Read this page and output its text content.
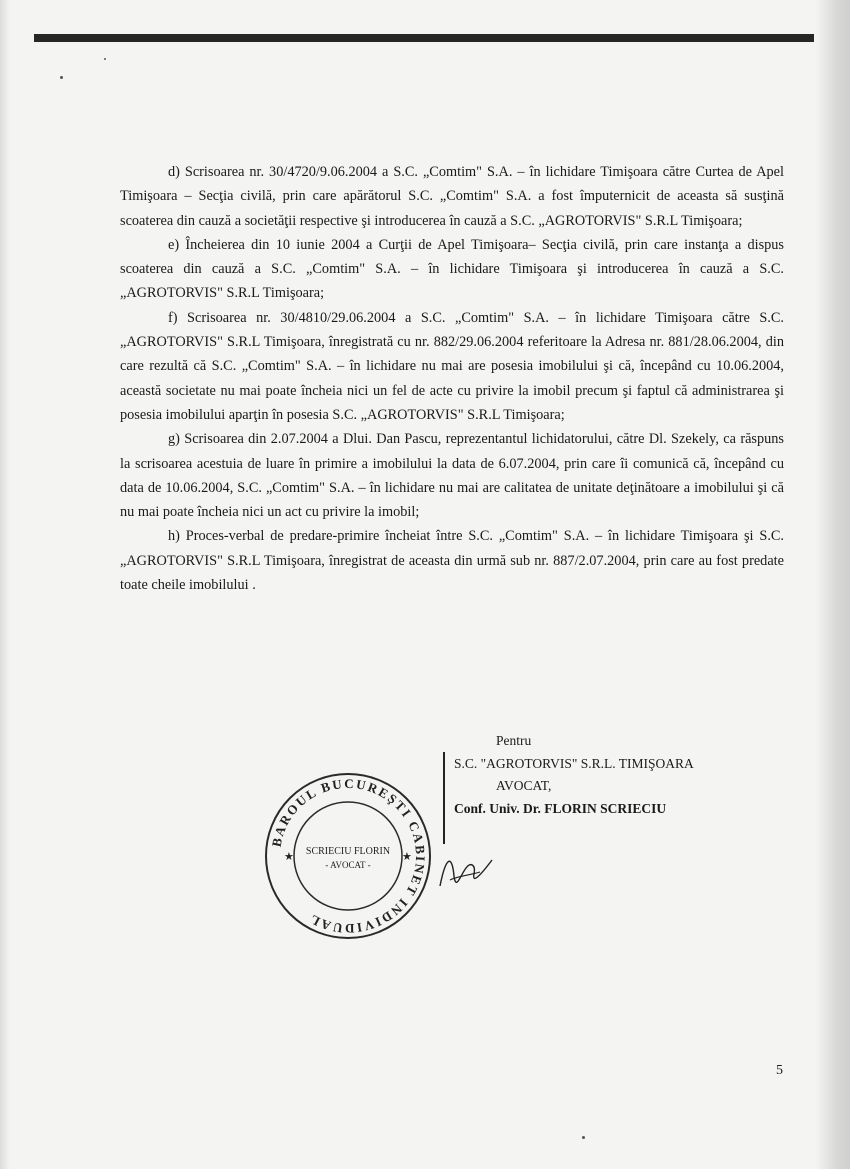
d) Scrisoarea nr. 30/4720/9.06.2004 a S.C. „Comtim" S.A. – în lichidare Timişoara către Curtea de Apel Timişoara – Secţia civilă, prin care apărătorul S.C. „Comtim" S.A. a fost împuternicit de aceasta să susţină scoaterea din cauză a societăţii respective şi introducerea în cauză a S.C. „AGROTORVIS" S.R.L Timişoara;

e) Încheierea din 10 iunie 2004 a Curţii de Apel Timişoara– Secţia civilă, prin care instanţa a dispus scoaterea din cauză a S.C. „Comtim" S.A. – în lichidare Timişoara şi introducerea în cauză a S.C. „AGROTORVIS" S.R.L Timişoara;

f) Scrisoarea nr. 30/4810/29.06.2004 a S.C. „Comtim" S.A. – în lichidare Timişoara către S.C. „AGROTORVIS" S.R.L Timişoara, înregistrată cu nr. 882/29.06.2004 referitoare la Adresa nr. 881/28.06.2004, din care rezultă că S.C. „Comtim" S.A. – în lichidare nu mai are posesia imobilului şi că, începând cu 10.06.2004, această societate nu mai poate încheia nici un fel de acte cu privire la imobil precum şi faptul că administrarea şi posesia imobilului aparţin în posesia S.C. „AGROTORVIS" S.R.L Timişoara;

g) Scrisoarea din 2.07.2004 a Dlui. Dan Pascu, reprezentantul lichidatorului, către Dl. Szekely, ca răspuns la scrisoarea acestuia de luare în primire a imobilului la data de 6.07.2004, prin care îi comunică că, începând cu data de 10.06.2004, S.C. „Comtim" S.A. – în lichidare nu mai are calitatea de unitate deţinătoare a imobilului şi că nu mai poate încheia nici un act cu privire la imobil;

h) Proces-verbal de predare-primire încheiat între S.C. „Comtim" S.A. – în lichidare Timişoara şi S.C. „AGROTORVIS" S.R.L Timişoara, înregistrat de aceasta din urmă sub nr. 887/2.07.2004, prin care au fost predate toate cheile imobilului .

Pentru
S.C. "AGROTORVIS" S.R.L. TIMIŞOARA
AVOCAT,
Conf. Univ. Dr. FLORIN SCRIECIU
BAROUL BUCUREŞTI CABINET INDIVIDUAL
SCRIECIU FLORIN
- AVOCAT -
★	★
5
